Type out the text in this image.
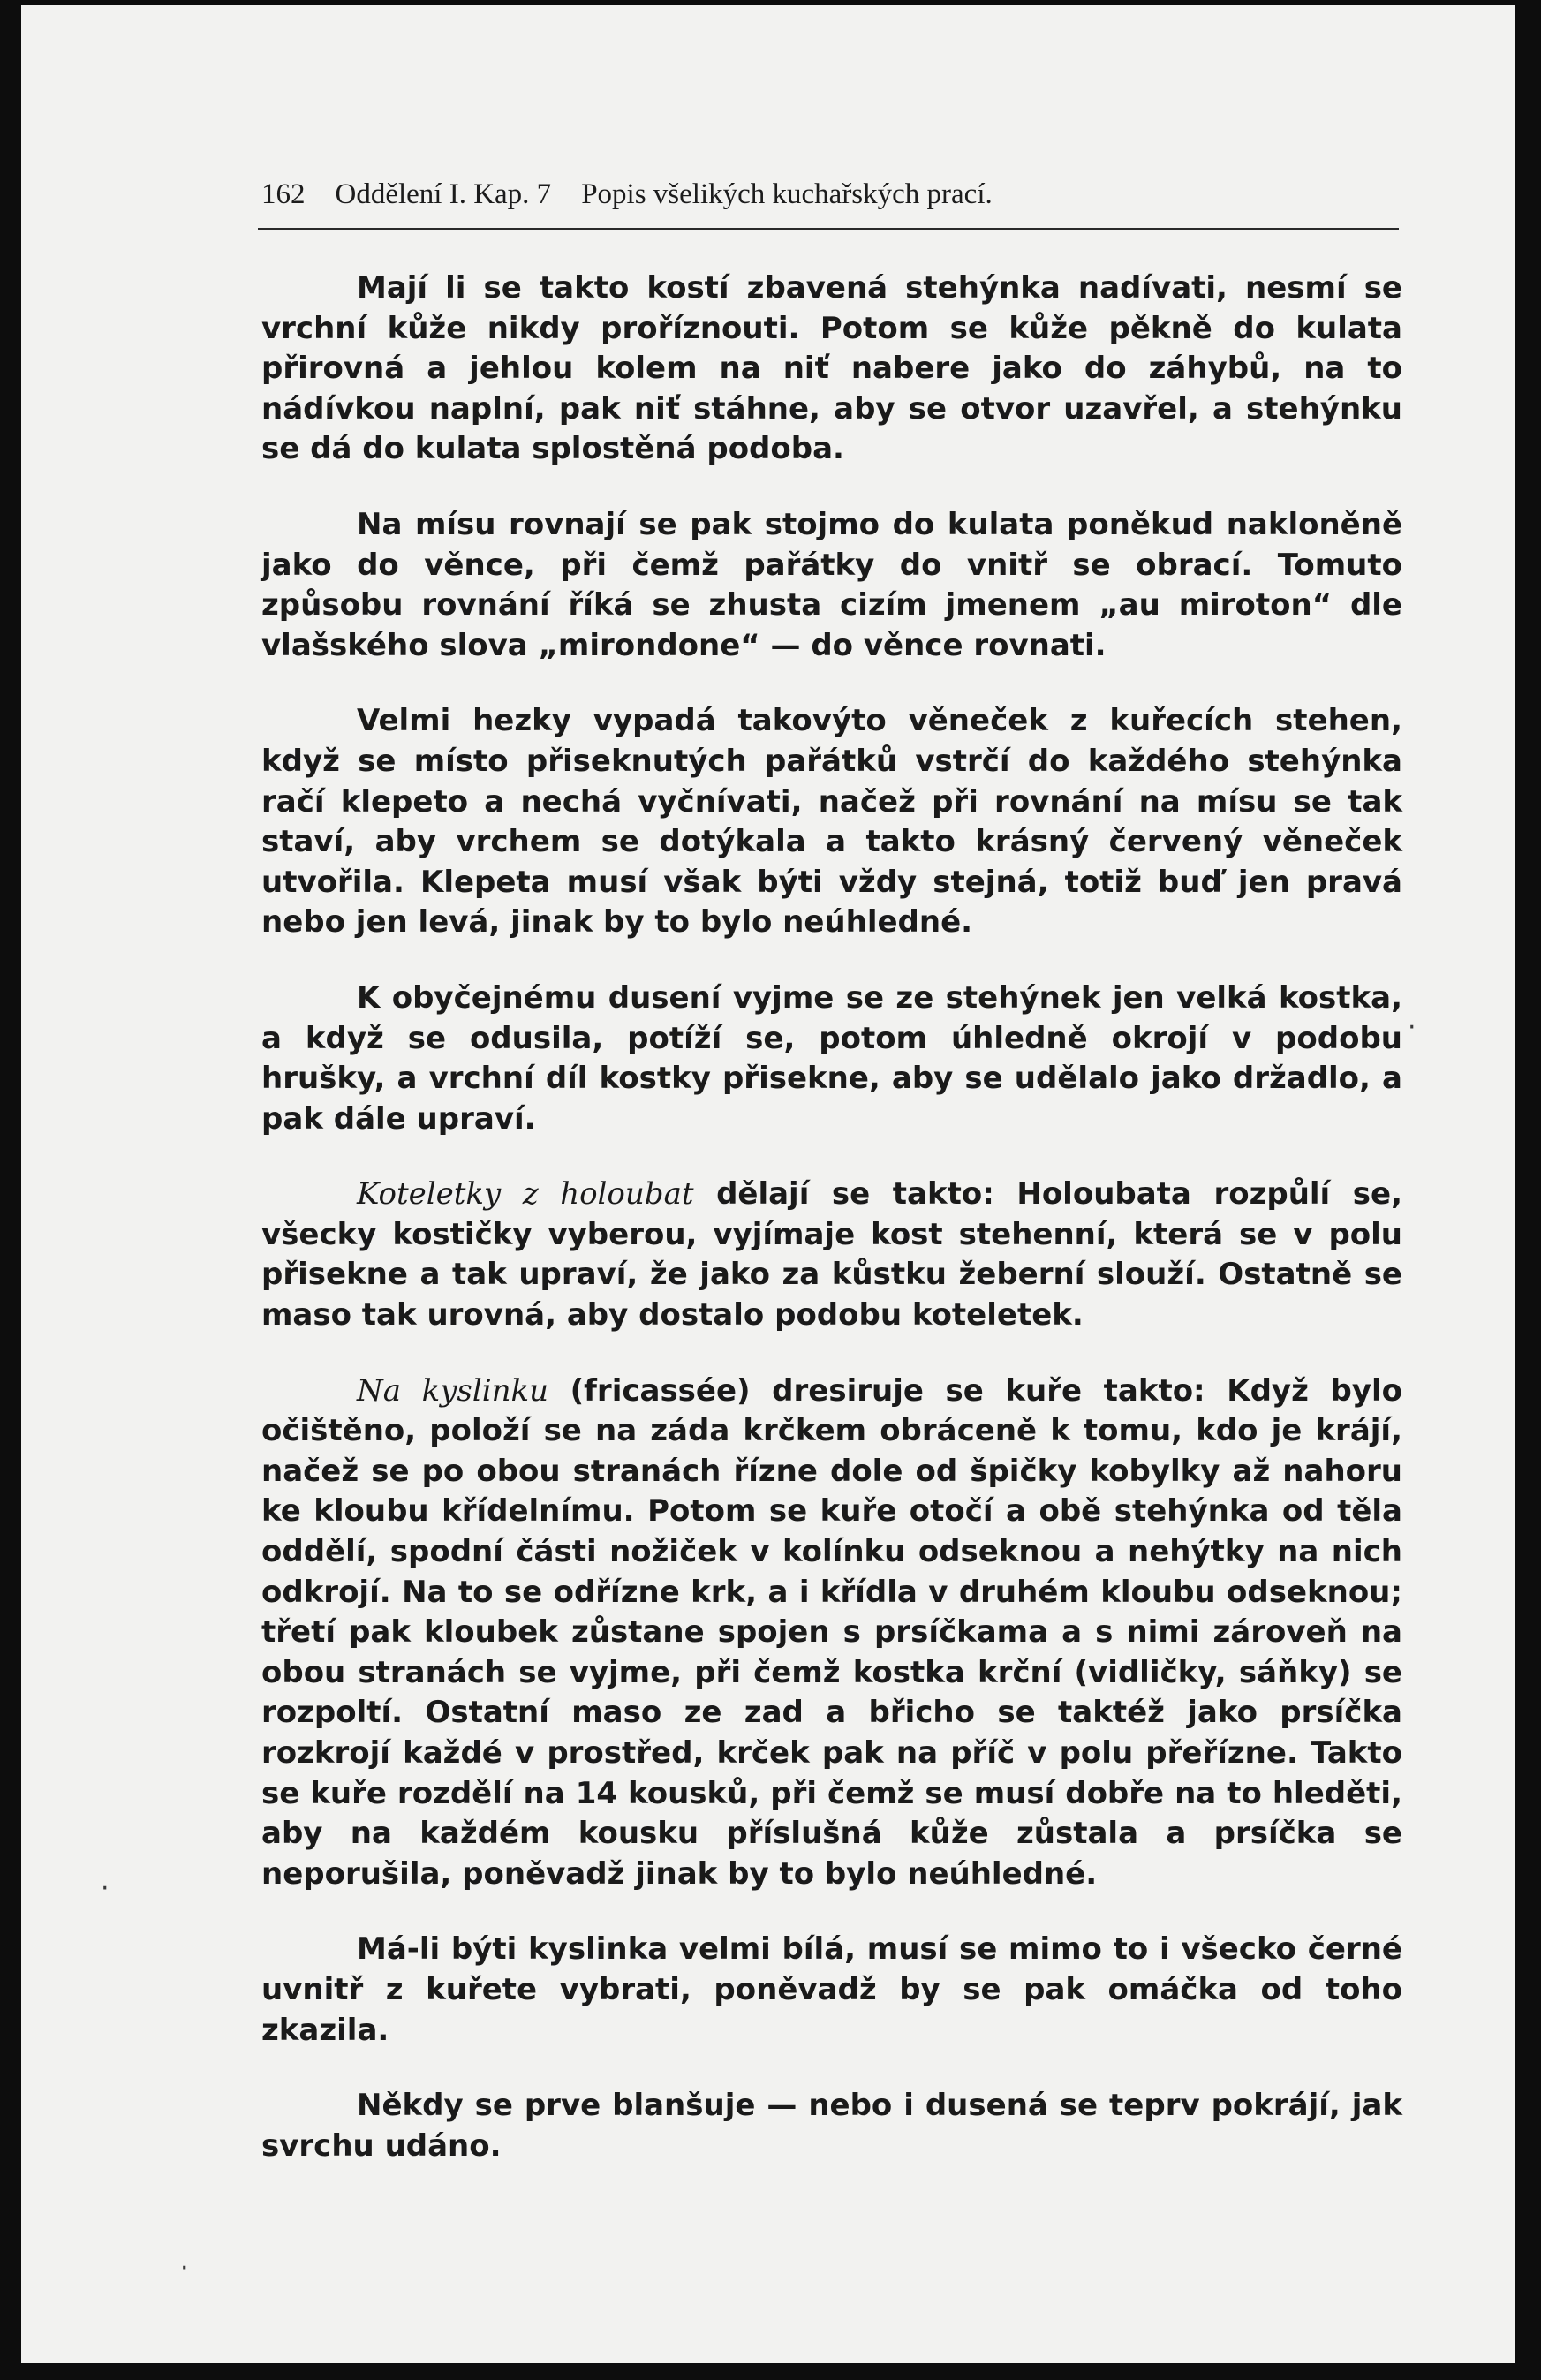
162 Oddělení I. Kap. 7 Popis všelikých kuchařských prací.

Mají li se takto kostí zbavená stehýnka nadívati, nesmí se vrchní kůže nikdy proříznouti. Potom se kůže pěkně do kulata přirovná a jehlou kolem na niť nabere jako do záhybů, na to nádívkou naplní, pak niť stáhne, aby se otvor uzavřel, a stehýnku se dá do kulata splostěná podoba.

Na mísu rovnají se pak stojmo do kulata poněkud nakloněně jako do věnce, při čemž pařátky do vnitř se obrací. Tomuto způsobu rovnání říká se zhusta cizím jmenem „au miroton“ dle vlašského slova „mirondone“ — do věnce rovnati.

Velmi hezky vypadá takovýto věneček z kuřecích stehen, když se místo přiseknutých pařátků vstrčí do každého stehýnka račí klepeto a nechá vyčnívati, načež při rovnání na mísu se tak staví, aby vrchem se dotýkala a takto krásný červený věneček utvořila. Klepeta musí však býti vždy stejná, totiž buď jen pravá nebo jen levá, jinak by to bylo neúhledné.

K obyčejnému dusení vyjme se ze stehýnek jen velká kostka, a když se odusila, potíží se, potom úhledně okrojí v podobu hrušky, a vrchní díl kostky přisekne, aby se udělalo jako držadlo, a pak dále upraví.

Kotelet​ky z holoubat dělají se takto: Holoubata rozpůlí se, všecky kostičky vyberou, vyjímaje kost stehenní, která se v polu přisekne a tak upraví, že jako za kůstku žeberní slouží. Ostatně se maso tak urovná, aby dostalo podobu kotelet​ek.

Na kyslinku (fricassée) dresiruje se kuře takto: Když bylo očištěno, položí se na záda krčkem obráceně k tomu, kdo je krájí, načež se po obou stranách řízne dole od špičky kobylky až nahoru ke kloubu křídelnímu. Potom se kuře otočí a obě stehýnka od těla oddělí, spodní části nožiček v kolínku odseknou a nehýtky na nich odkrojí. Na to se odřízne krk, a i křídla v druhém kloubu odseknou; třetí pak kloubek zůstane spojen s prsíčkama a s nimi zároveň na obou stranách se vyjme, při čemž kostka krční (vidličky, sáňky) se rozpoltí. Ostatní maso ze zad a břicho se taktéž jako prsíčka rozkrojí každé v prostřed, krček pak na příč v polu přeřízne. Takto se kuře rozdělí na 14 kousků, při čemž se musí dobře na to hleděti, aby na každém kousku příslušná kůže zůstala a prsíčka se neporušila, poněvadž jinak by to bylo neúhledné.

Má-li býti kyslinka velmi bílá, musí se mimo to i všecko černé uvnitř z kuřete vybrati, poněvadž by se pak omáčka od toho zkazila.

Někdy se prve blanšuje — nebo i dusená se teprv pokrájí, jak svrchu udáno.

·
·
·
